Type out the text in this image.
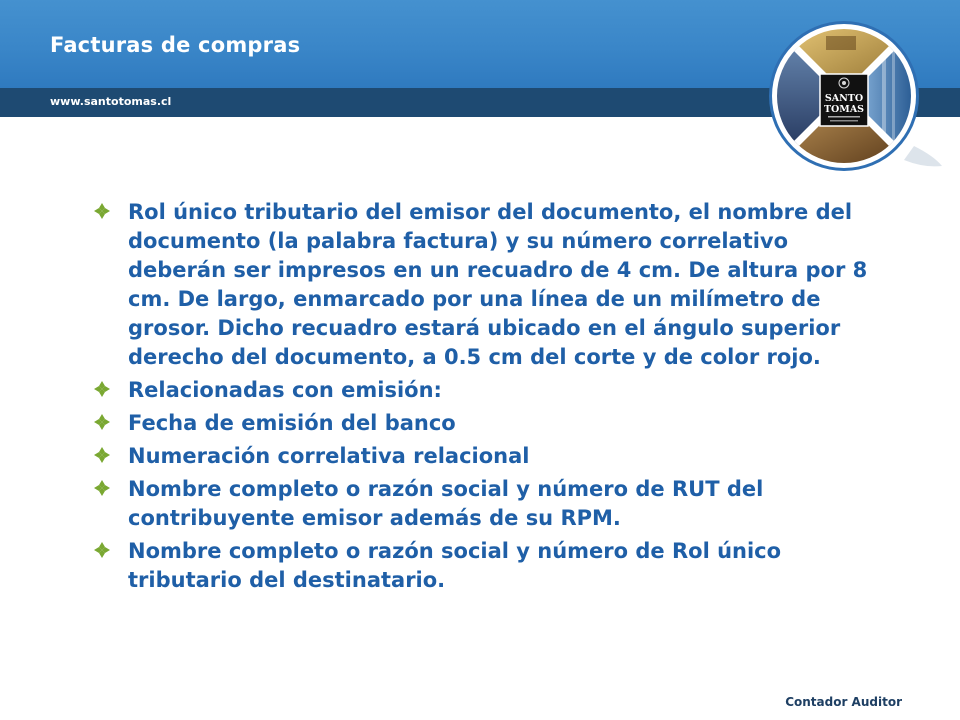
Facturas de compras
www.santotomas.cl	SANTO
TOMAS
Rol único tributario del emisor del documento, el nombre del documento (la palabra factura) y su número correlativo deberán ser impresos en un recuadro de 4 cm. De altura por 8 cm. De largo, enmarcado por una línea de un milímetro de grosor. Dicho recuadro estará ubicado en el ángulo superior derecho del documento, a 0.5 cm del corte y de color rojo.
Relacionadas con emisión:
Fecha de emisión del banco
Numeración correlativa relacional
Nombre completo o razón social y número de RUT del contribuyente emisor además de su RPM.
Nombre completo o razón social y número de Rol único tributario del destinatario.
Contador Auditor
